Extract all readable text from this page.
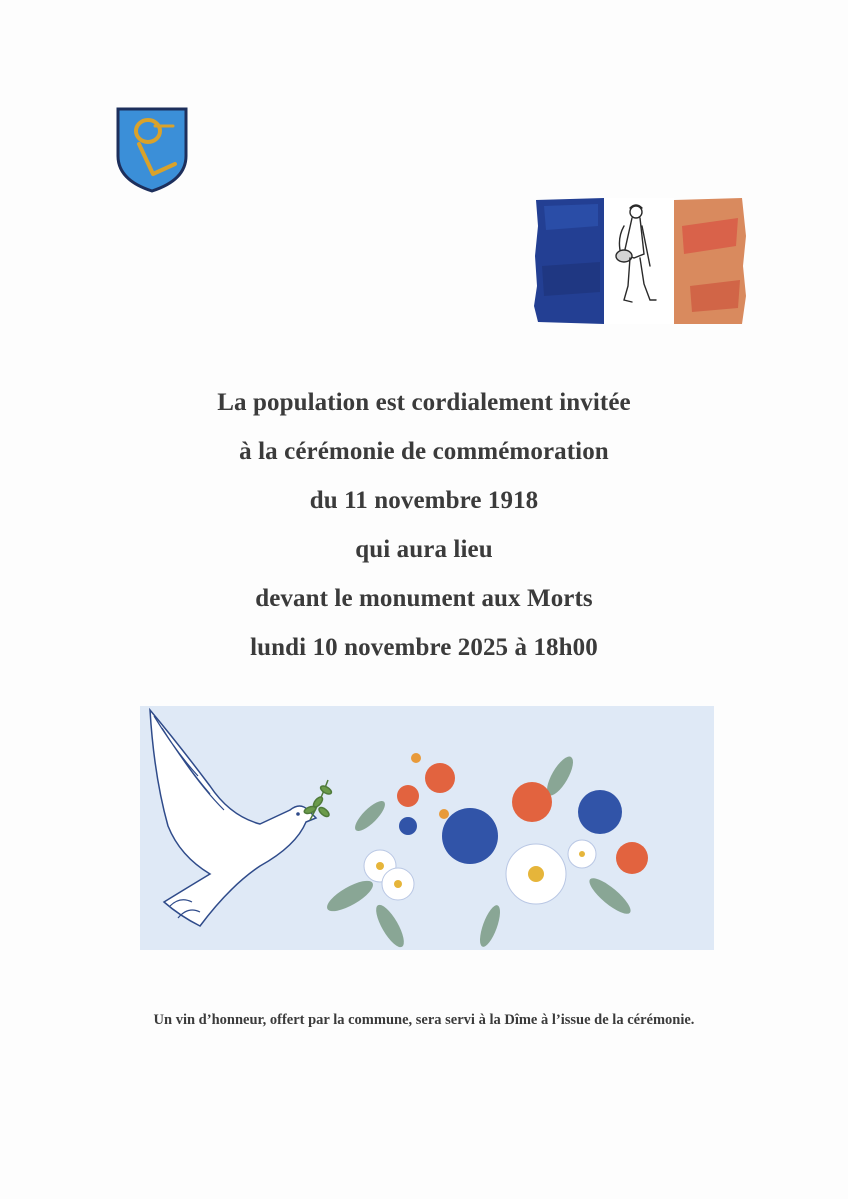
La population est cordialement invitée
à la cérémonie de commémoration
du 11 novembre 1918
qui aura lieu
devant le monument aux Morts
lundi 10 novembre 2025 à 18h00
Un vin d’honneur, offert par la commune, sera servi à la Dîme à l’issue de la cérémonie.
